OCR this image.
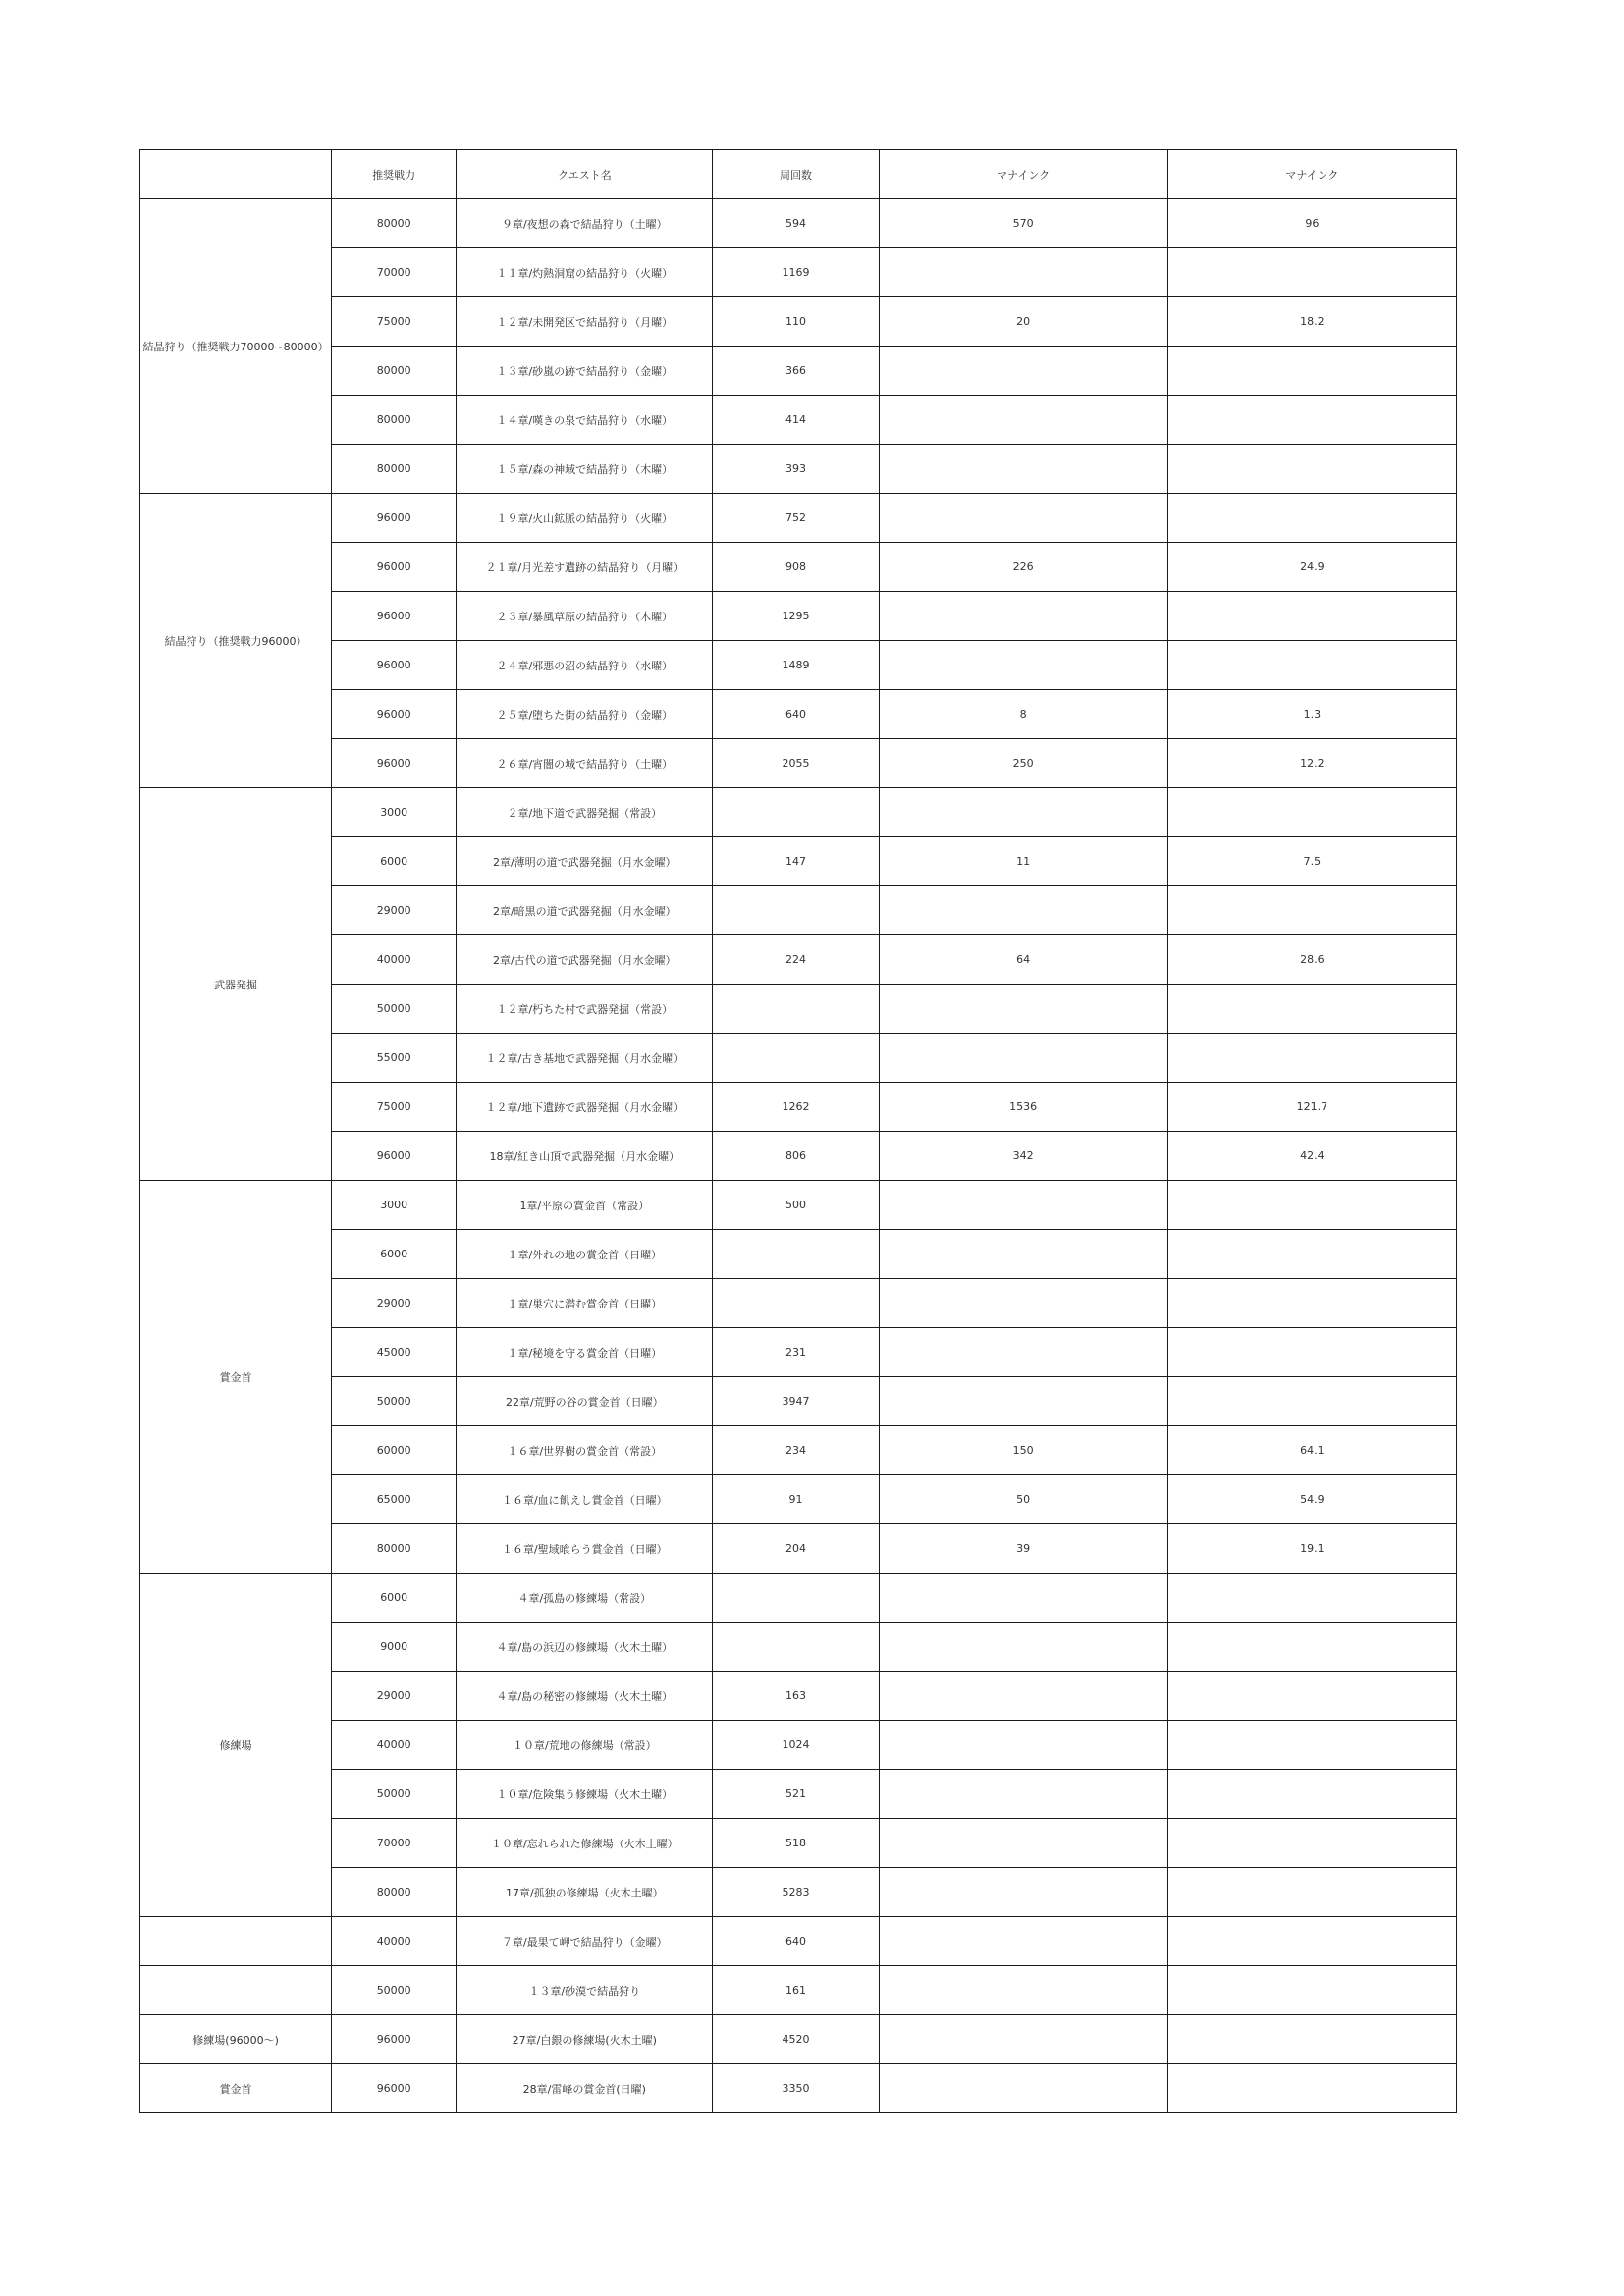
	推奨戦力	クエスト名	周回数	マナインク	マナインク
結晶狩り（推奨戦力70000~80000）	80000	９章/夜想の森で結晶狩り（土曜）	594	570	96
	70000	１１章/灼熱洞窟の結晶狩り（火曜）	1169		
	75000	１２章/未開発区で結晶狩り（月曜）	110	20	18.2
	80000	１３章/砂嵐の跡で結晶狩り（金曜）	366		
	80000	１４章/嘆きの泉で結晶狩り（水曜）	414		
	80000	１５章/森の神域で結晶狩り（木曜）	393		
結晶狩り（推奨戦力96000）	96000	１９章/火山鉱脈の結晶狩り（火曜）	752		
	96000	２１章/月光差す遺跡の結晶狩り（月曜）	908	226	24.9
	96000	２３章/暴風草原の結晶狩り（木曜）	1295		
	96000	２４章/邪悪の沼の結晶狩り（水曜）	1489		
	96000	２５章/堕ちた街の結晶狩り（金曜）	640	8	1.3
	96000	２６章/宵闇の城で結晶狩り（土曜）	2055	250	12.2
武器発掘	3000	２章/地下道で武器発掘（常設）			
	6000	2章/薄明の道で武器発掘（月水金曜）	147	11	7.5
	29000	2章/暗黒の道で武器発掘（月水金曜）			
	40000	2章/古代の道で武器発掘（月水金曜）	224	64	28.6
	50000	１２章/朽ちた村で武器発掘（常設）			
	55000	１２章/古き基地で武器発掘（月水金曜）			
	75000	１２章/地下遺跡で武器発掘（月水金曜）	1262	1536	121.7
	96000	18章/紅き山頂で武器発掘（月水金曜）	806	342	42.4
賞金首	3000	1章/平原の賞金首（常設）	500		
	6000	１章/外れの地の賞金首（日曜）			
	29000	１章/巣穴に潜む賞金首（日曜）			
	45000	１章/秘境を守る賞金首（日曜）	231		
	50000	22章/荒野の谷の賞金首（日曜）	3947		
	60000	１６章/世界樹の賞金首（常設）	234	150	64.1
	65000	１６章/血に飢えし賞金首（日曜）	91	50	54.9
	80000	１６章/聖域喰らう賞金首（日曜）	204	39	19.1
修練場	6000	４章/孤島の修練場（常設）			
	9000	４章/島の浜辺の修練場（火木土曜）			
	29000	４章/島の秘密の修練場（火木土曜）	163		
	40000	１０章/荒地の修練場（常設）	1024		
	50000	１０章/危険集う修練場（火木土曜）	521		
	70000	１０章/忘れられた修練場（火木土曜）	518		
	80000	17章/孤独の修練場（火木土曜）	5283		
	40000	７章/最果て岬で結晶狩り（金曜）	640		
	50000	１３章/砂漠で結晶狩り	161		
修練場(96000〜)	96000	27章/白銀の修練場(火木土曜)	4520		
賞金首	96000	28章/雷峰の賞金首(日曜)	3350		
